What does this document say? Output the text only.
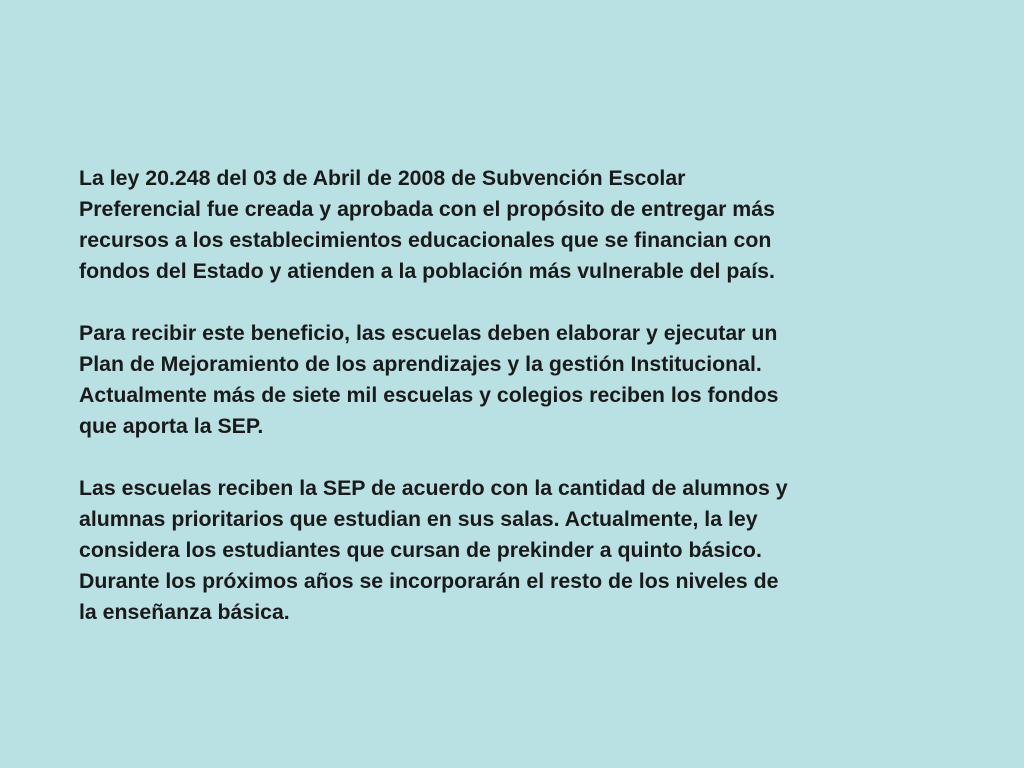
La ley 20.248 del 03 de Abril de 2008 de Subvención Escolar
Preferencial fue creada y aprobada con el propósito de entregar más
recursos a los establecimientos educacionales que se financian con
fondos del Estado y atienden a la población más vulnerable del país.

Para recibir este beneficio, las escuelas deben elaborar y ejecutar un
Plan de Mejoramiento de los aprendizajes y la gestión Institucional.
Actualmente más de siete mil escuelas y colegios reciben los fondos
que aporta la SEP.

Las escuelas reciben la SEP de acuerdo con la cantidad de alumnos y
alumnas prioritarios que estudian en sus salas. Actualmente, la ley
considera los estudiantes que cursan de prekinder a quinto básico.
Durante los próximos años se incorporarán el resto de los niveles de
la enseñanza básica.
